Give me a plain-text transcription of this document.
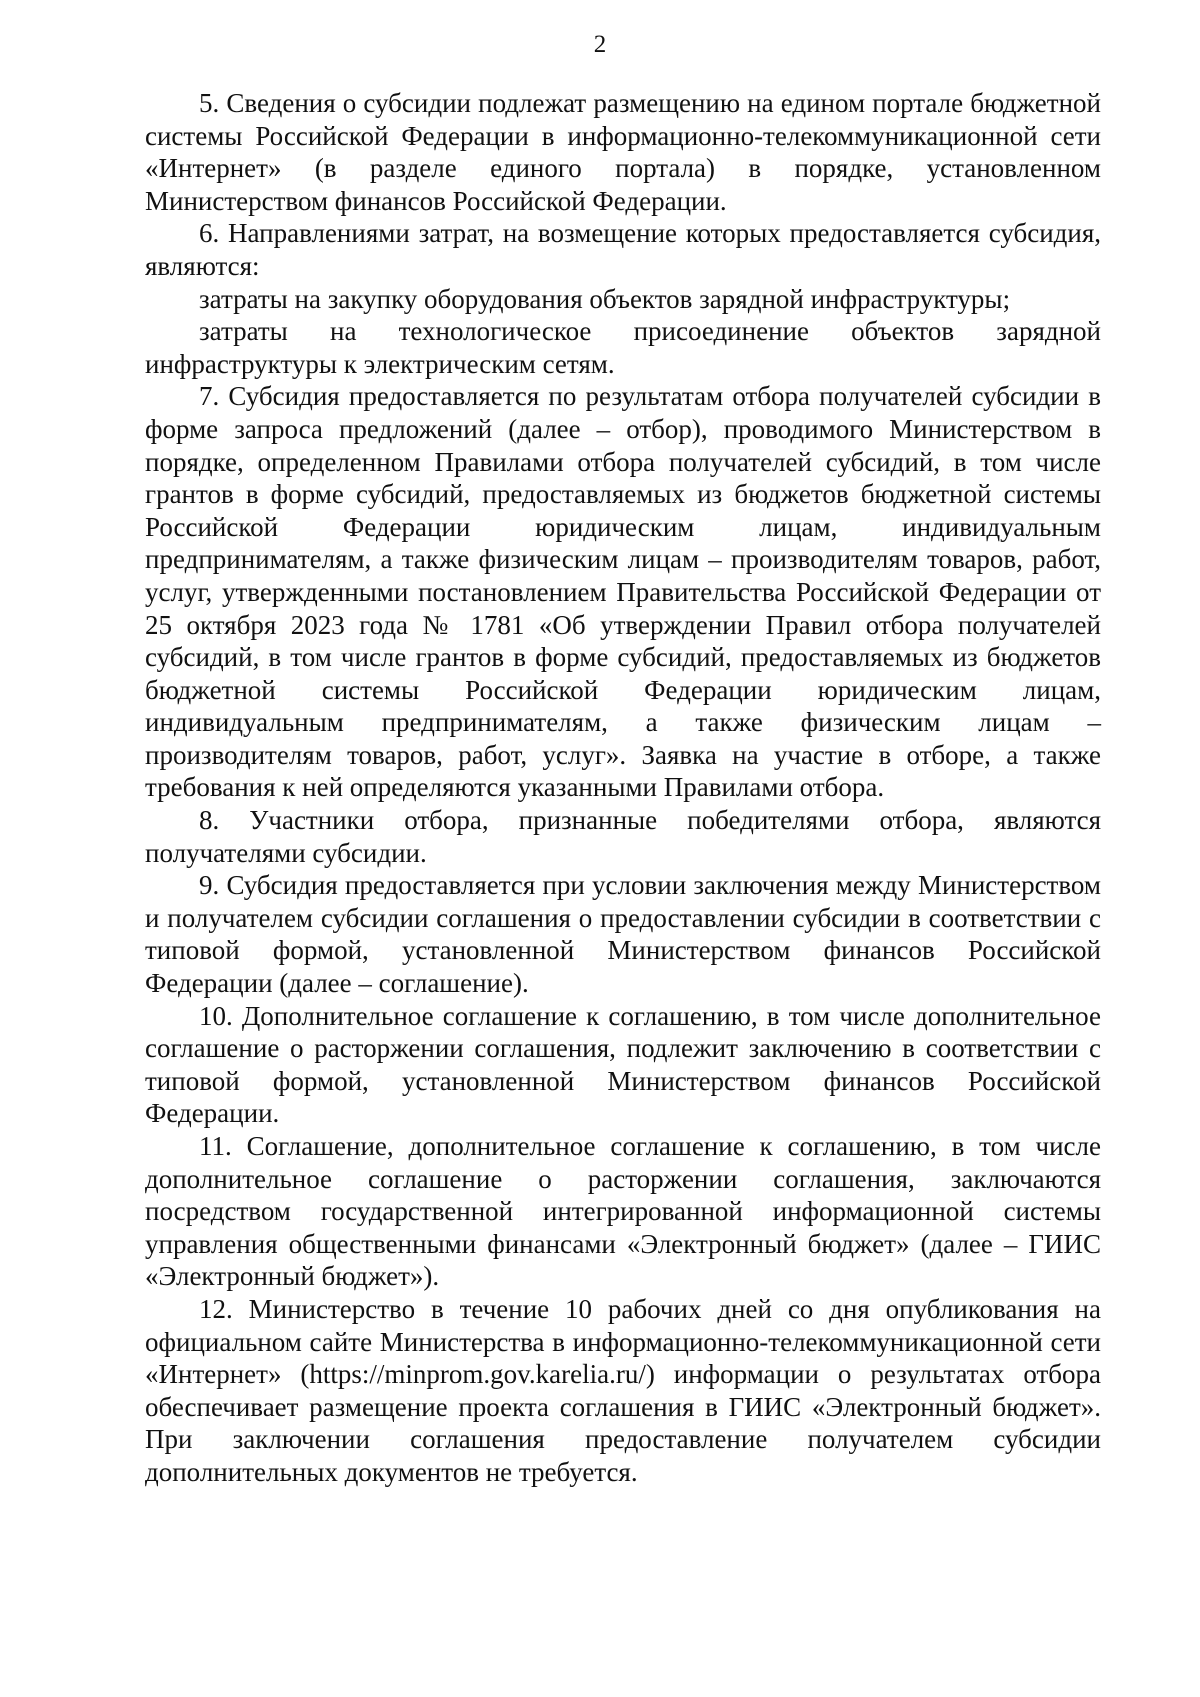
2

5. Сведения о субсидии подлежат размещению на едином портале бюджетной системы Российской Федерации в информационно-телекоммуникационной сети «Интернет» (в разделе единого портала) в порядке, установленном Министерством финансов Российской Федерации.

6. Направлениями затрат, на возмещение которых предоставляется субсидия, являются:

затраты на закупку оборудования объектов зарядной инфраструктуры;

затраты на технологическое присоединение объектов зарядной инфраструктуры к электрическим сетям.

7. Субсидия предоставляется по результатам отбора получателей субсидии в форме запроса предложений (далее – отбор), проводимого Министерством в порядке, определенном Правилами отбора получателей субсидий, в том числе грантов в форме субсидий, предоставляемых из бюджетов бюджетной системы Российской Федерации юридическим лицам, индивидуальным предпринимателям, а также физическим лицам – производителям товаров, работ, услуг, утвержденными постановлением Правительства Российской Федерации от 25 октября 2023 года № 1781 «Об утверждении Правил отбора получателей субсидий, в том числе грантов в форме субсидий, предоставляемых из бюджетов бюджетной системы Российской Федерации юридическим лицам, индивидуальным предпринимателям, а также физическим лицам – производителям товаров, работ, услуг». Заявка на участие в отборе, а также требования к ней определяются указанными Правилами отбора.

8. Участники отбора, признанные победителями отбора, являются получателями субсидии.

9. Субсидия предоставляется при условии заключения между Министерством и получателем субсидии соглашения о предоставлении субсидии в соответствии с типовой формой, установленной Министерством финансов Российской Федерации (далее – соглашение).

10. Дополнительное соглашение к соглашению, в том числе дополнительное соглашение о расторжении соглашения, подлежит заключению в соответствии с типовой формой, установленной Министерством финансов Российской Федерации.

11. Соглашение, дополнительное соглашение к соглашению, в том числе дополнительное соглашение о расторжении соглашения, заключаются посредством государственной интегрированной информационной системы управления общественными финансами «Электронный бюджет» (далее – ГИИС «Электронный бюджет»).

12. Министерство в течение 10 рабочих дней со дня опубликования на официальном сайте Министерства в информационно-телекоммуникационной сети «Интернет» (https://minprom.gov.karelia.ru/) информации о результатах отбора обеспечивает размещение проекта соглашения в ГИИС «Электронный бюджет». При заключении соглашения предоставление получателем субсидии дополнительных документов не требуется.
